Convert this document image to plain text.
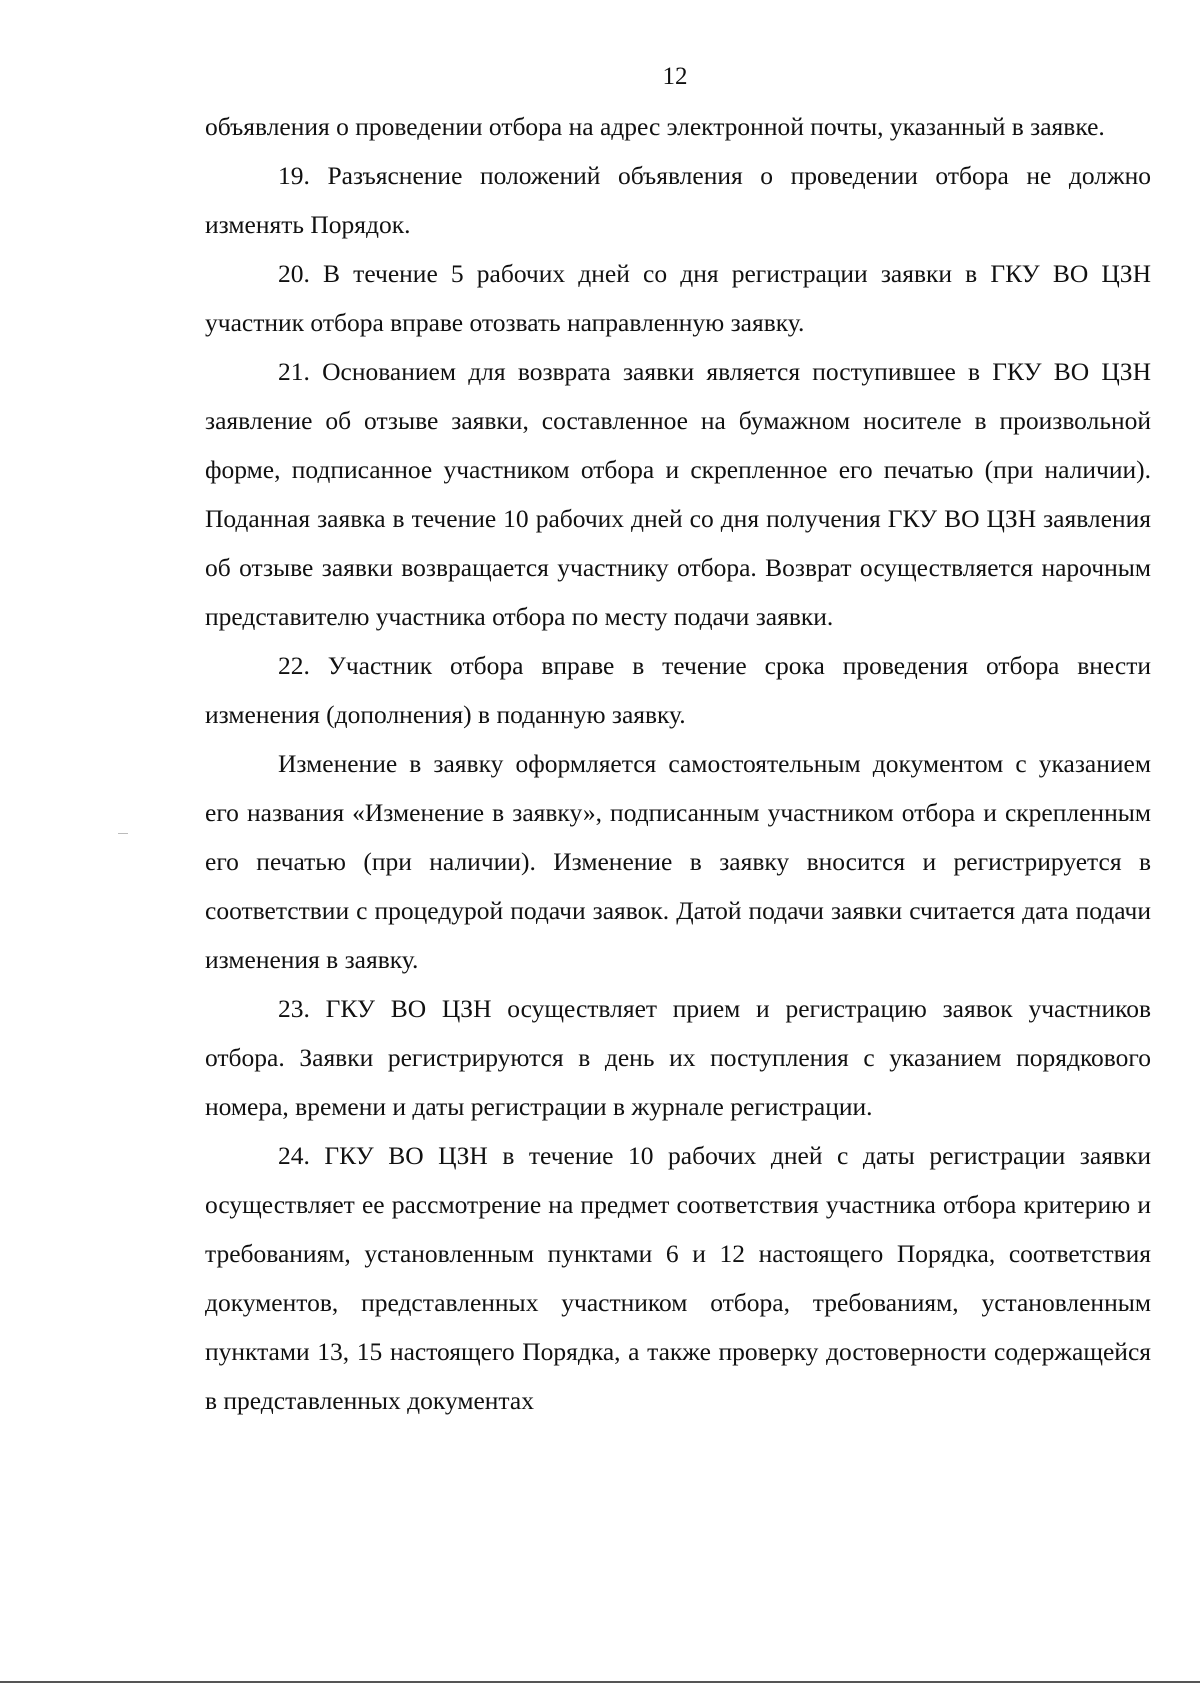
12

объявления о проведении отбора на адрес электронной почты, указанный в заявке.

19. Разъяснение положений объявления о проведении отбора не должно изменять Порядок.

20. В течение 5 рабочих дней со дня регистрации заявки в ГКУ ВО ЦЗН участник отбора вправе отозвать направленную заявку.

21. Основанием для возврата заявки является поступившее в ГКУ ВО ЦЗН заявление об отзыве заявки, составленное на бумажном носителе в произвольной форме, подписанное участником отбора и скрепленное его печатью (при наличии). Поданная заявка в течение 10 рабочих дней со дня получения ГКУ ВО ЦЗН заявления об отзыве заявки возвращается участнику отбора. Возврат осуществляется нарочным представителю участника отбора по месту подачи заявки.

22. Участник отбора вправе в течение срока проведения отбора внести изменения (дополнения) в поданную заявку.

Изменение в заявку оформляется самостоятельным документом с указанием его названия «Изменение в заявку», подписанным участником отбора и скрепленным его печатью (при наличии). Изменение в заявку вносится и регистрируется в соответствии с процедурой подачи заявок. Датой подачи заявки считается дата подачи изменения в заявку.

23. ГКУ ВО ЦЗН осуществляет прием и регистрацию заявок участников отбора. Заявки регистрируются в день их поступления с указанием порядкового номера, времени и даты регистрации в журнале регистрации.

24. ГКУ ВО ЦЗН в течение 10 рабочих дней с даты регистрации заявки осуществляет ее рассмотрение на предмет соответствия участника отбора критерию и требованиям, установленным пунктами 6 и 12 настоящего Порядка, соответствия документов, представленных участником отбора, требованиям, установленным пунктами 13, 15 настоящего Порядка, а также проверку достоверности содержащейся в представленных документах
